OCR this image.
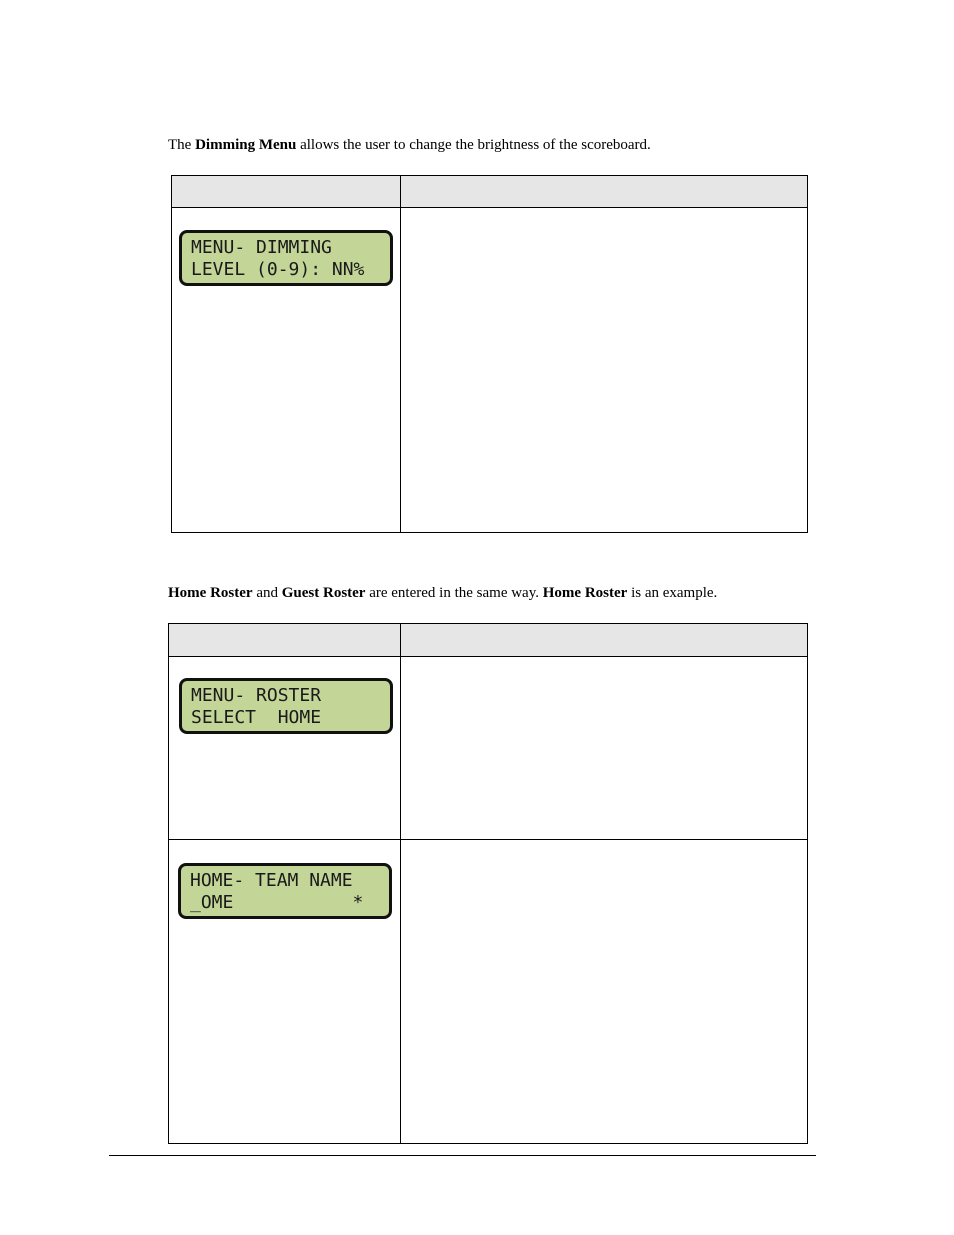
The Dimming Menu allows the user to change the brightness of the scoreboard.

MENU- DIMMING
LEVEL (0-9): NN%

Home Roster and Guest Roster are entered in the same way. Home Roster is an example.

MENU- ROSTER
SELECT  HOME
HOME- TEAM NAME
_OME           *
